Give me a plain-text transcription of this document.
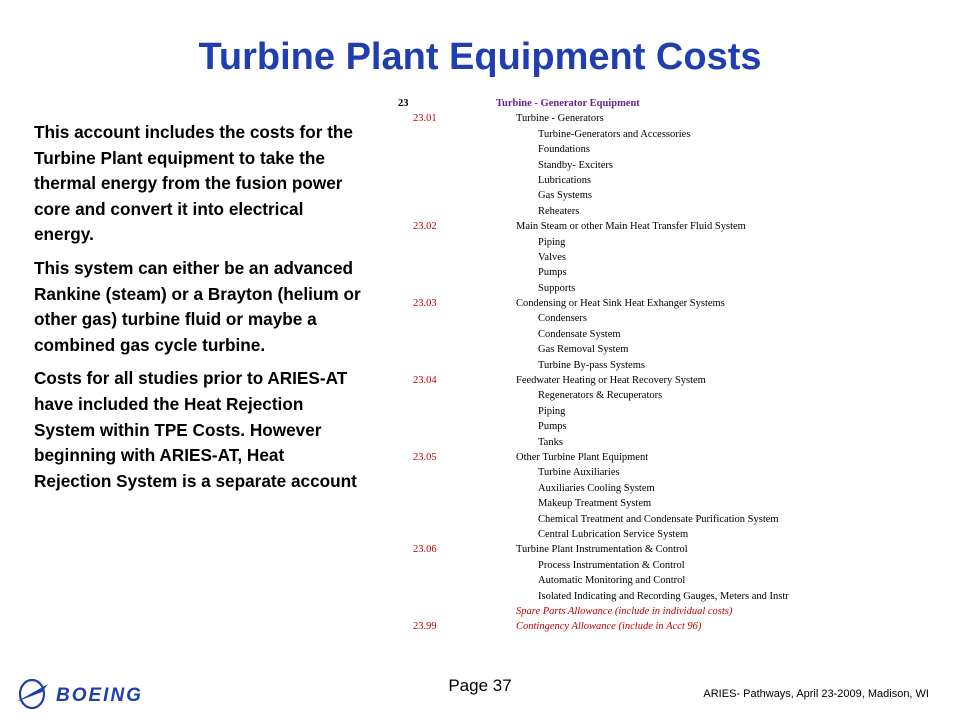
Turbine Plant Equipment Costs

This account includes the costs for the Turbine Plant equipment to take the thermal energy from the fusion power core and convert it into electrical energy.

This system can either be an advanced Rankine (steam) or a Brayton (helium or other gas) turbine fluid or maybe a combined gas cycle turbine.

Costs for all studies prior to ARIES-AT have included the Heat Rejection System within TPE Costs. However beginning with ARIES-AT, Heat Rejection System is a separate account

23	Turbine - Generator Equipment
23.01	Turbine - Generators
Turbine-Generators and Accessories
Foundations
Standby- Exciters
Lubrications
Gas Systems
Reheaters
23.02	Main Steam or other Main Heat Transfer Fluid System
Piping
Valves
Pumps
Supports
23.03	Condensing or Heat Sink Heat Exhanger Systems
Condensers
Condensate System
Gas Removal System
Turbine By-pass Systems
23.04	Feedwater Heating or Heat Recovery System
Regenerators & Recuperators
Piping
Pumps
Tanks
23.05	Other Turbine Plant Equipment
Turbine Auxiliaries
Auxiliaries Cooling System
Makeup Treatment System
Chemical Treatment and Condensate Purification System
Central Lubrication Service System
23.06	Turbine Plant Instrumentation & Control
Process Instrumentation & Control
Automatic Monitoring and Control
Isolated Indicating and Recording Gauges, Meters and Instr
Spare Parts Allowance (include in individual costs)
23.99	Contingency Allowance (include in Acct 96)
BOEING	Page 37	ARIES- Pathways, April 23-2009, Madison, WI
